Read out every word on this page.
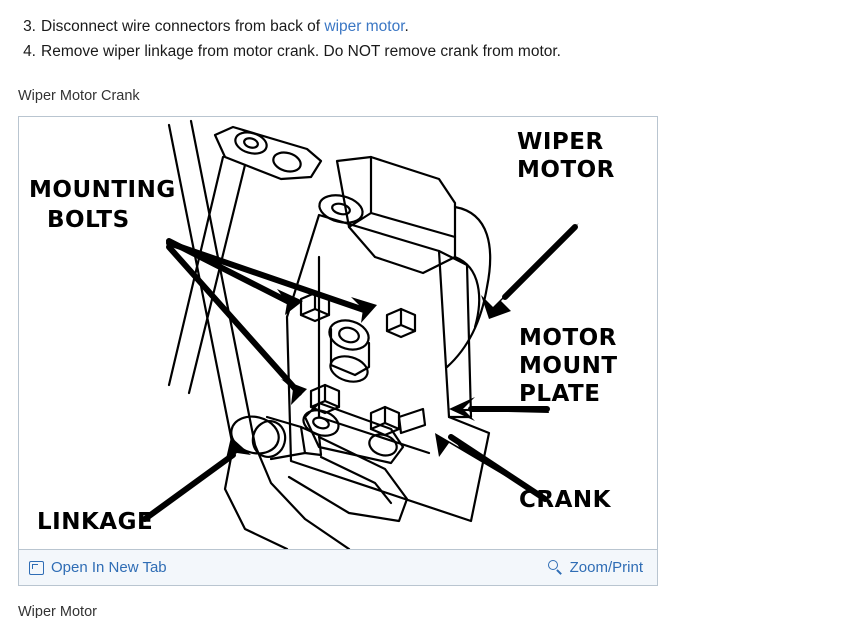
3. Disconnect wire connectors from back of wiper motor.
4. Remove wiper linkage from motor crank. Do NOT remove crank from motor.
Wiper Motor Crank
WIPER
MOTOR
MOUNTING
BOLTS
MOTOR
MOUNT
PLATE
CRANK
LINKAGE
Open In New Tab	Zoom/Print
Wiper Motor
